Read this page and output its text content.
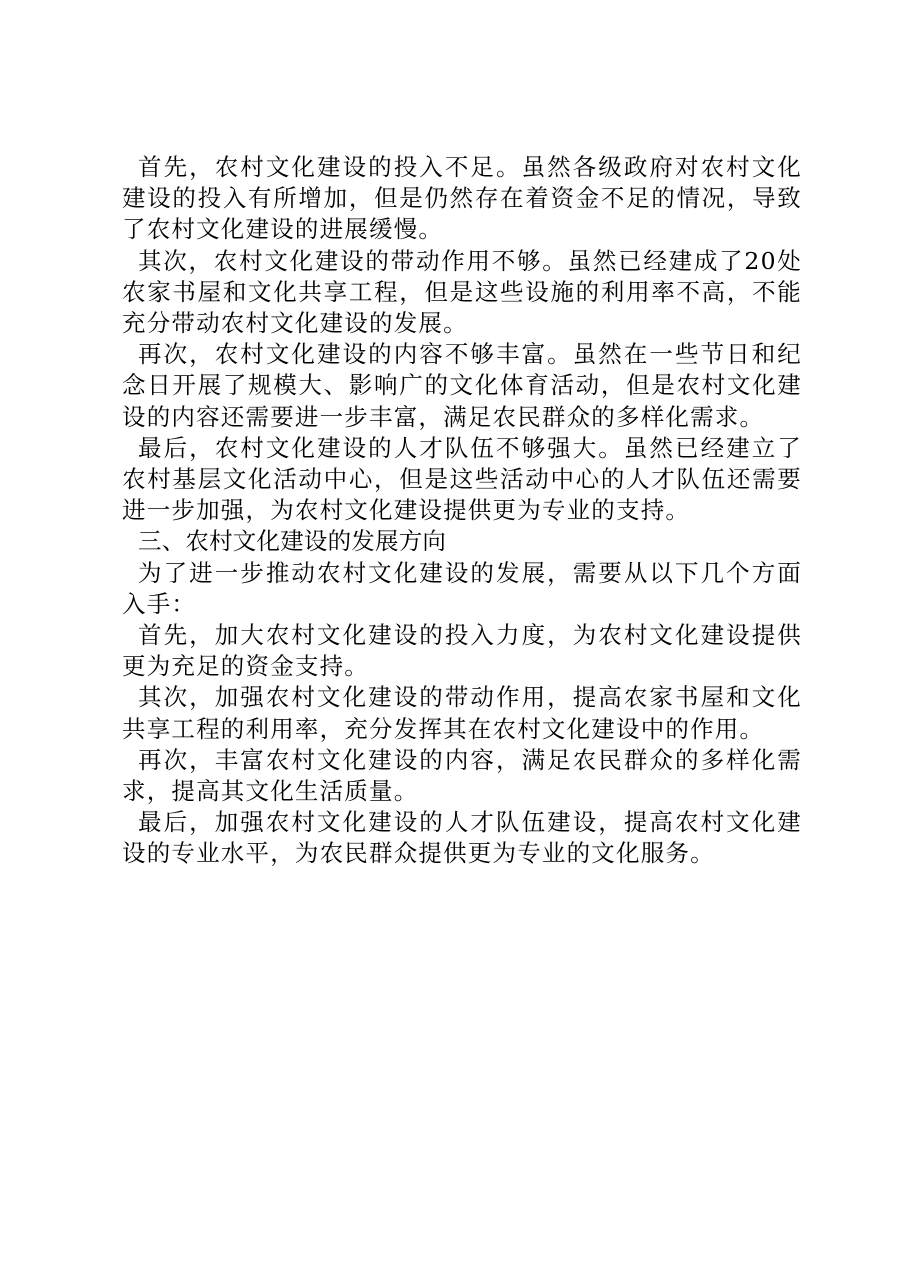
首先，农村文化建设的投入不足。虽然各级政府对农村文化建设的投入有所增加，但是仍然存在着资金不足的情况，导致了农村文化建设的进展缓慢。

其次，农村文化建设的带动作用不够。虽然已经建成了20处农家书屋和文化共享工程，但是这些设施的利用率不高，不能充分带动农村文化建设的发展。

再次，农村文化建设的内容不够丰富。虽然在一些节日和纪念日开展了规模大、影响广的文化体育活动，但是农村文化建设的内容还需要进一步丰富，满足农民群众的多样化需求。

最后，农村文化建设的人才队伍不够强大。虽然已经建立了农村基层文化活动中心，但是这些活动中心的人才队伍还需要进一步加强，为农村文化建设提供更为专业的支持。

三、农村文化建设的发展方向

为了进一步推动农村文化建设的发展，需要从以下几个方面入手：

首先，加大农村文化建设的投入力度，为农村文化建设提供更为充足的资金支持。

其次，加强农村文化建设的带动作用，提高农家书屋和文化共享工程的利用率，充分发挥其在农村文化建设中的作用。

再次，丰富农村文化建设的内容，满足农民群众的多样化需求，提高其文化生活质量。

最后，加强农村文化建设的人才队伍建设，提高农村文化建设的专业水平，为农民群众提供更为专业的文化服务。
